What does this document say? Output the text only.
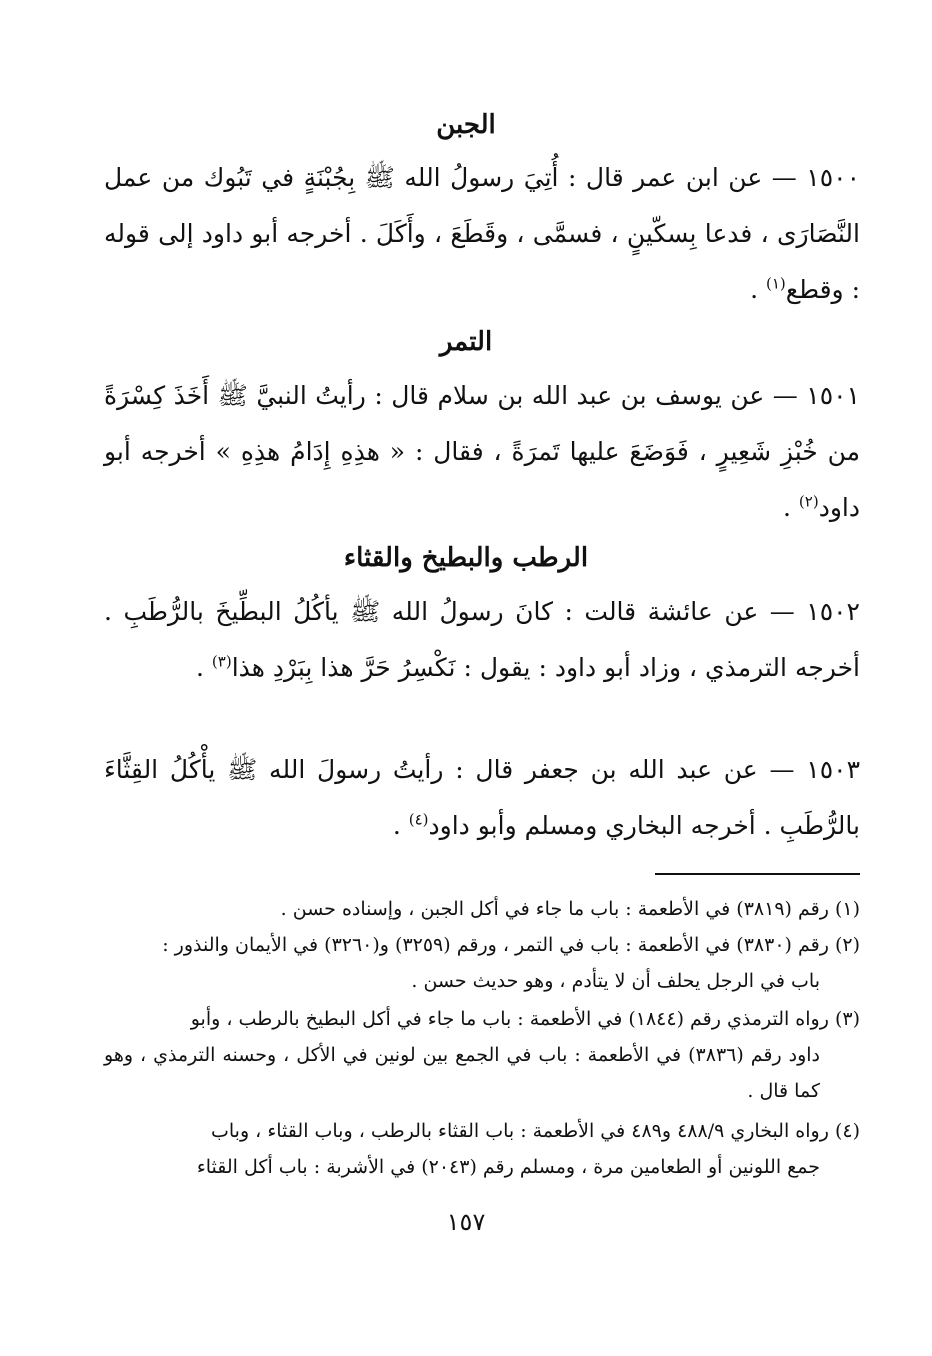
الجبن

١٥٠٠ — عن ابن عمر قال : أُتِيَ رسولُ الله ﷺ بِجُبْنَةٍ في تَبُوك من عمل النَّصَارَى ، فدعا بِسكّينٍ ، فسمَّى ، وقَطَعَ ، وأَكَلَ . أخرجه أبو داود إلى قوله : وقطع$^{(١)}$ .

التمر

١٥٠١ — عن يوسف بن عبد الله بن سلام قال : رأيتُ النبيَّ ﷺ أَخَذَ كِسْرَةً من خُبْزِ شَعِيرٍ ، فَوَضَعَ عليها تَمرَةً ، فقال : « هذِهِ إِدَامُ هذِهِ » أخرجه أبو داود$^{(٢)}$ .

الرطب والبطيخ والقثاء

١٥٠٢ — عن عائشة قالت : كانَ رسولُ الله ﷺ يأكُلُ البطِّيخَ بالرُّطَبِ . أخرجه الترمذي ، وزاد أبو داود : يقول : نَكْسِرُ حَرَّ هذا بِبَرْدِ هذا$^{(٣)}$ .

١٥٠٣ — عن عبد الله بن جعفر قال : رأيتُ رسولَ الله ﷺ يأْكُلُ القِثَّاءَ بالرُّطَبِ . أخرجه البخاري ومسلم وأبو داود$^{(٤)}$ .

(١) رقم (٣٨١٩) في الأطعمة : باب ما جاء في أكل الجبن ، وإسناده حسن .
(٢) رقم (٣٨٣٠) في الأطعمة : باب في التمر ، ورقم (٣٢٥٩) و(٣٢٦٠) في الأيمان والنذور :
باب في الرجل يحلف أن لا يتأدم ، وهو حديث حسن .
(٣) رواه الترمذي رقم (١٨٤٤) في الأطعمة : باب ما جاء في أكل البطيخ بالرطب ، وأبو
داود رقم (٣٨٣٦) في الأطعمة : باب في الجمع بين لونين في الأكل ، وحسنه الترمذي ، وهو كما قال .
(٤) رواه البخاري ٤٨٨/٩ و٤٨٩ في الأطعمة : باب القثاء بالرطب ، وباب القثاء ، وباب
جمع اللونين أو الطعامين مرة ، ومسلم رقم (٢٠٤٣) في الأشربة : باب أكل القثاء
١٥٧
